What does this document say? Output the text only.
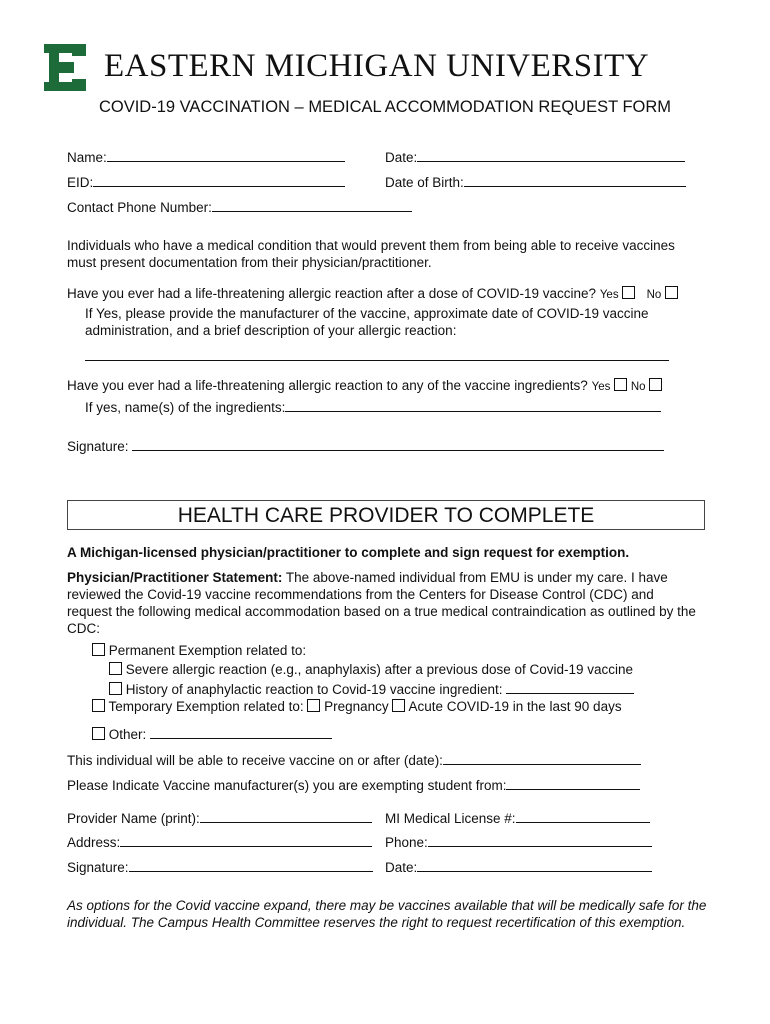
EASTERN MICHIGAN UNIVERSITY
COVID-19 VACCINATION – MEDICAL ACCOMMODATION REQUEST FORM
Name:	Date:
EID:	Date of Birth:
Contact Phone Number:
Individuals who have a medical condition that would prevent them from being able to receive vaccines must present documentation from their physician/practitioner.
Have you ever had a life-threatening allergic reaction after a dose of COVID-19 vaccine? Yes No
If Yes, please provide the manufacturer of the vaccine, approximate date of COVID-19 vaccine administration, and a brief description of your allergic reaction:
Have you ever had a life-threatening allergic reaction to any of the vaccine ingredients? Yes No
If yes, name(s) of the ingredients:
Signature:
HEALTH CARE PROVIDER TO COMPLETE
A Michigan-licensed physician/practitioner to complete and sign request for exemption.
Physician/Practitioner Statement: The above-named individual from EMU is under my care. I have reviewed the Covid-19 vaccine recommendations from the Centers for Disease Control (CDC) and request the following medical accommodation based on a true medical contraindication as outlined by the CDC:
Permanent Exemption related to:
Severe allergic reaction (e.g., anaphylaxis) after a previous dose of Covid-19 vaccine
History of anaphylactic reaction to Covid-19 vaccine ingredient:
Temporary Exemption related to: Pregnancy Acute COVID-19 in the last 90 days
Other:
This individual will be able to receive vaccine on or after (date):
Please Indicate Vaccine manufacturer(s) you are exempting student from:
Provider Name (print):	MI Medical License #:
Address:	Phone:
Signature:	Date:
As options for the Covid vaccine expand, there may be vaccines available that will be medically safe for the individual. The Campus Health Committee reserves the right to request recertification of this exemption.
